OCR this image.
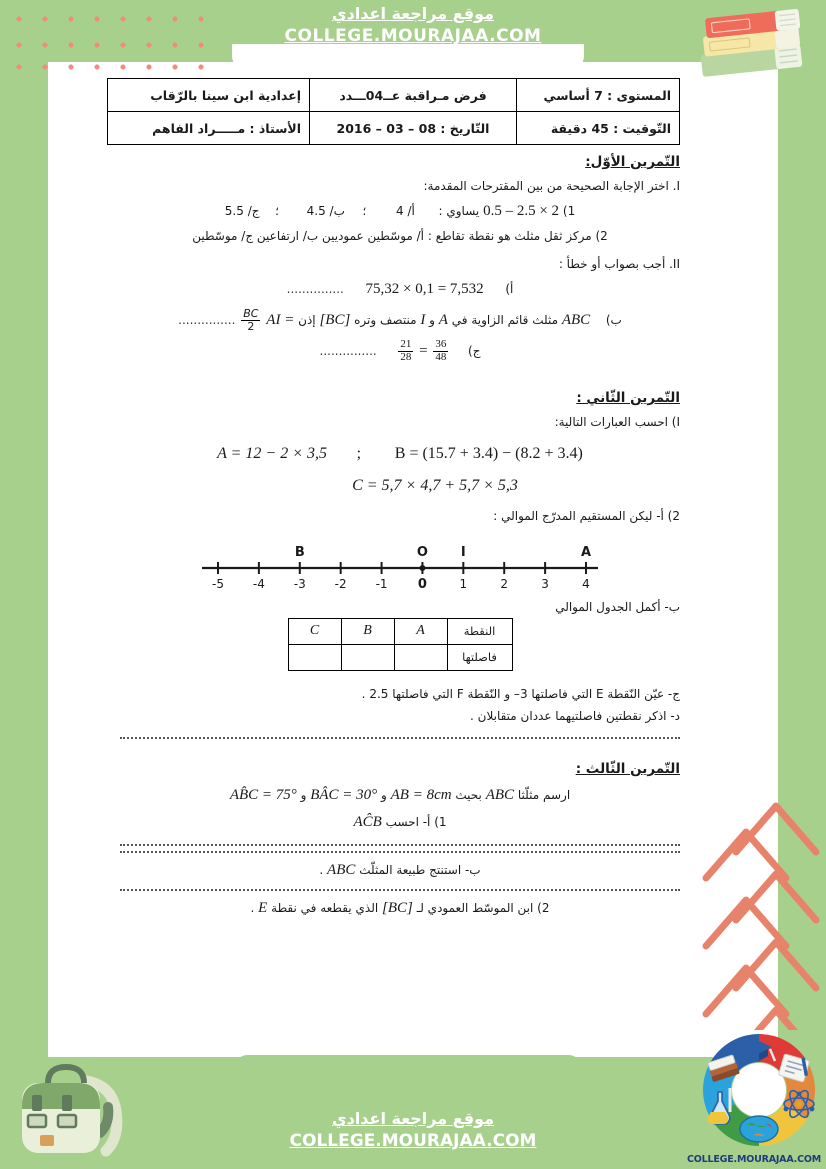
موقع مراجعة اعدادي
COLLEGE.MOURAJAA.COM
COLLEGE.MOURAJAA.COM
موقع مراجعة اعدادي
COLLEGE.MOURAJAA.COM
المستوى : 7 أساسي	فرض مـراقبة عــ04ـــدد	إعدادية ابن سينا بالرّقاب
التّوقيت : 45 دقيقة	التّاريخ : 08 – 03 – 2016	الأستاذ : مـــــراد الفاهم
التّمرين الأوّل:
I. اختر الإجابة الصحيحة من بين المقترحات المقدمة:
1) 0.5 – 2.5 × 2 يساوي :  أ/ 4  ؛  ب/ 4.5  ؛  ج/ 5.5
2) مركز ثقل مثلث هو نقطة تقاطع : أ/ موسّطين عموديين ب/ ارتفاعين ج/ موسّطين
II. أجب بصواب أو خطأ :
أ)  75,32 × 0,1 = 7,532  ...............
ب)  ABC مثلث قائم الزاوية في A و I منتصف وتره [BC] إذن AI =
$\frac{BC}{2}$
...............
ج)
$\frac{21}{28} = \frac{36}{48}$
...............
التّمرين الثّاني :
I) احسب العبارات التالية:
B = (15.7 + 3.4) − (8.2 + 3.4)  ;  A = 12 − 2 × 3,5
C = 5,7 × 4,7 + 5,7 × 5,3
2) أ- ليكن المستقيم المدرّج الموالي :
-5 -4 -3 -2 -1 0	1	2	3	4
B	O	I	A
ب- أكمل الجدول الموالي
النقطة	A	B	C
فاصلتها			
ج- عيّن النّقطة E التي فاصلتها 3– و النّقطة F التي فاصلتها 2.5 .
د- اذكر نقطتين فاصلتيهما عددان متقابلان .
التّمرين الثّالث :
ارسم مثلّثا ABC بحيث AB = 8cm و BÂC = 30° و AB̂C = 75°
1) أ- احسب AĈB
ب- استنتج طبيعة المثلّث ABC .
2) ابن الموسّط العمودي لـ [BC] الذي يقطعه في نقطة E .
